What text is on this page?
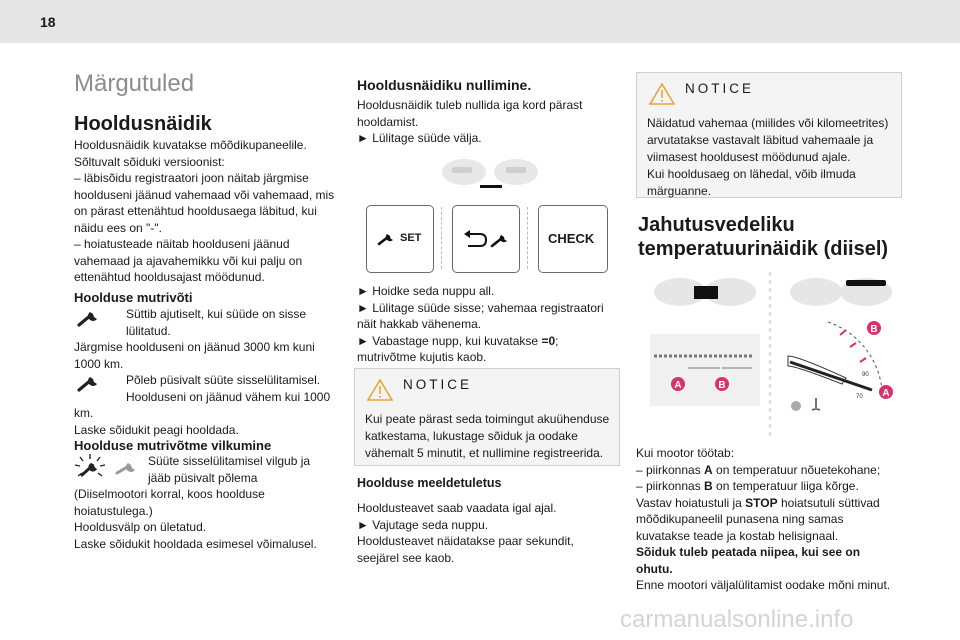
18
Märgutuled
Hooldusnäidik

Hooldusnäidik kuvatakse mõõdikupaneelile.

Sõltuvalt sõiduki versioonist:

– läbisõidu registraatori joon näitab järgmise

hoolduseni jäänud vahemaad või vahemaad, mis

on pärast ettenähtud hooldusaega läbitud, kui

näidu ees on "-".

– hoiatusteade näitab hoolduseni jäänud

vahemaad ja ajavahemikku või kui palju on

ettenähtud hooldusajast möödunud.

Hoolduse mutrivõti

Süttib ajutiselt, kui süüde on sisse

lülitatud.

Järgmise hoolduseni on jäänud 3000 km kuni

1000 km.

Põleb püsivalt süüte sisselülitamisel.

Hoolduseni on jäänud vähem kui 1000

km.

Laske sõidukit peagi hooldada.

Hoolduse mutrivõtme vilkumine

Süüte sisselülitamisel vilgub ja

jääb püsivalt põlema

(Diiselmootori korral, koos hoolduse

hoiatustulega.)

Hooldusvälp on ületatud.

Laske sõidukit hooldada esimesel võimalusel.

Hooldusnäidiku nullimine.

Hooldusnäidik tuleb nullida iga kord pärast

hooldamist.

► Lülitage süüde välja.

SET	CHECK

► Hoidke seda nuppu all.

► Lülitage süüde sisse; vahemaa registraatori

näit hakkab vähenema.

► Vabastage nupp, kui kuvatakse =0;

mutrivõtme kujutis kaob.

NOTICE
Kui peate pärast seda toimingut akuühenduse
katkestama, lukustage sõiduk ja oodake
vähemalt 5 minutit, et nullimine registreerida.
Hoolduse meeldetuletus

Hooldusteavet saab vaadata igal ajal.

► Vajutage seda nuppu.

Hooldusteavet näidatakse paar sekundit,

seejärel see kaob.

NOTICE
Näidatud vahemaa (miilides või kilomeetrites)
arvutatakse vastavalt läbitud vahemaale ja
viimasest hooldusest möödunud ajale.
Kui hooldusaeg on lähedal, võib ilmuda
märguanne.
Jahutusvedeliku
temperatuurinäidik (diisel)
A	B
B
A
90
70

Kui mootor töötab:

– piirkonnas A on temperatuur nõuetekohane;

– piirkonnas B on temperatuur liiga kõrge.

Vastav hoiatustuli ja STOP hoiatsutuli süttivad

mõõdikupaneelil punasena ning samas

kuvatakse teade ja kostab helisignaal.

Sõiduk tuleb peatada niipea, kui see on

ohutu.

Enne mootori väljalülitamist oodake mõni minut.

carmanualsonline.info
